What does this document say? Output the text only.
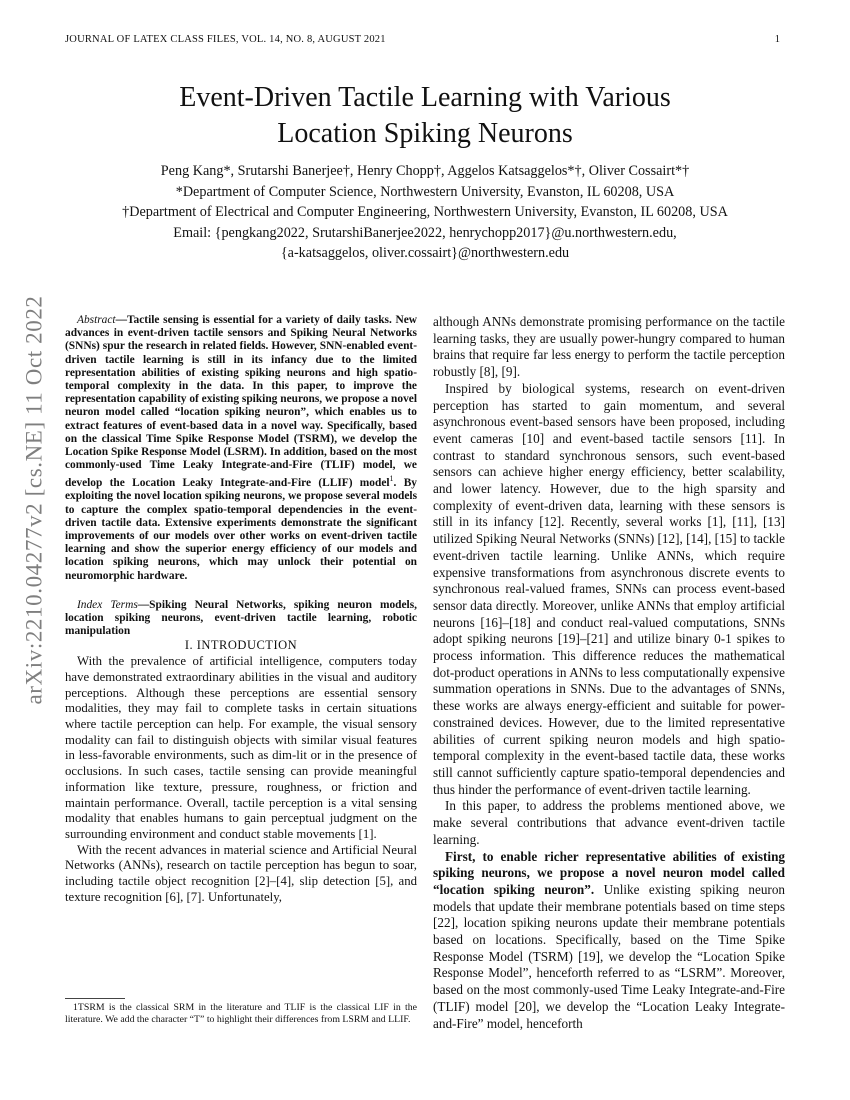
JOURNAL OF LATEX CLASS FILES, VOL. 14, NO. 8, AUGUST 2021	1
arXiv:2210.04277v2 [cs.NE] 11 Oct 2022
Event-Driven Tactile Learning with Various
Location Spiking Neurons
Peng Kang*, Srutarshi Banerjee†, Henry Chopp†, Aggelos Katsaggelos*†, Oliver Cossairt*†
*Department of Computer Science, Northwestern University, Evanston, IL 60208, USA
†Department of Electrical and Computer Engineering, Northwestern University, Evanston, IL 60208, USA
Email: {pengkang2022, SrutarshiBanerjee2022, henrychopp2017}@u.northwestern.edu,
{a-katsaggelos, oliver.cossairt}@northwestern.edu

Abstract—Tactile sensing is essential for a variety of daily tasks. New advances in event-driven tactile sensors and Spiking Neural Networks (SNNs) spur the research in related fields. However, SNN-enabled event-driven tactile learning is still in its infancy due to the limited representation abilities of existing spiking neurons and high spatio-temporal complexity in the data. In this paper, to improve the representation capability of existing spiking neurons, we propose a novel neuron model called “location spiking neuron”, which enables us to extract features of event-based data in a novel way. Specifically, based on the classical Time Spike Response Model (TSRM), we develop the Location Spike Response Model (LSRM). In addition, based on the most commonly-used Time Leaky Integrate-and-Fire (TLIF) model, we develop the Location Leaky Integrate-and-Fire (LLIF) model$^1$. By exploiting the novel location spiking neurons, we propose several models to capture the complex spatio-temporal dependencies in the event-driven tactile data. Extensive experiments demonstrate the significant improvements of our models over other works on event-driven tactile learning and show the superior energy efficiency of our models and location spiking neurons, which may unlock their potential on neuromorphic hardware.

Index Terms—Spiking Neural Networks, spiking neuron models, location spiking neurons, event-driven tactile learning, robotic manipulation

I. INTRODUCTION

With the prevalence of artificial intelligence, computers today have demonstrated extraordinary abilities in the visual and auditory perceptions. Although these perceptions are essential sensory modalities, they may fail to complete tasks in certain situations where tactile perception can help. For example, the visual sensory modality can fail to distinguish objects with similar visual features in less-favorable environments, such as dim-lit or in the presence of occlusions. In such cases, tactile sensing can provide meaningful information like texture, pressure, roughness, or friction and maintain performance. Overall, tactile perception is a vital sensing modality that enables humans to gain perceptual judgment on the surrounding environment and conduct stable movements [1].

With the recent advances in material science and Artificial Neural Networks (ANNs), research on tactile perception has begun to soar, including tactile object recognition [2]–[4], slip detection [5], and texture recognition [6], [7]. Unfortunately,

1TSRM is the classical SRM in the literature and TLIF is the classical LIF in the literature. We add the character “T” to highlight their differences from LSRM and LLIF.

although ANNs demonstrate promising performance on the tactile learning tasks, they are usually power-hungry compared to human brains that require far less energy to perform the tactile perception robustly [8], [9].

Inspired by biological systems, research on event-driven perception has started to gain momentum, and several asynchronous event-based sensors have been proposed, including event cameras [10] and event-based tactile sensors [11]. In contrast to standard synchronous sensors, such event-based sensors can achieve higher energy efficiency, better scalability, and lower latency. However, due to the high sparsity and complexity of event-driven data, learning with these sensors is still in its infancy [12]. Recently, several works [1], [11], [13] utilized Spiking Neural Networks (SNNs) [12], [14], [15] to tackle event-driven tactile learning. Unlike ANNs, which require expensive transformations from asynchronous discrete events to synchronous real-valued frames, SNNs can process event-based sensor data directly. Moreover, unlike ANNs that employ artificial neurons [16]–[18] and conduct real-valued computations, SNNs adopt spiking neurons [19]–[21] and utilize binary 0-1 spikes to process information. This difference reduces the mathematical dot-product operations in ANNs to less computationally expensive summation operations in SNNs. Due to the advantages of SNNs, these works are always energy-efficient and suitable for power-constrained devices. However, due to the limited representative abilities of current spiking neuron models and high spatio-temporal complexity in the event-based tactile data, these works still cannot sufficiently capture spatio-temporal dependencies and thus hinder the performance of event-driven tactile learning.

In this paper, to address the problems mentioned above, we make several contributions that advance event-driven tactile learning.

First, to enable richer representative abilities of existing spiking neurons, we propose a novel neuron model called “location spiking neuron”. Unlike existing spiking neuron models that update their membrane potentials based on time steps [22], location spiking neurons update their membrane potentials based on locations. Specifically, based on the Time Spike Response Model (TSRM) [19], we develop the “Location Spike Response Model”, henceforth referred to as “LSRM”. Moreover, based on the most commonly-used Time Leaky Integrate-and-Fire (TLIF) model [20], we develop the “Location Leaky Integrate-and-Fire” model, henceforth
